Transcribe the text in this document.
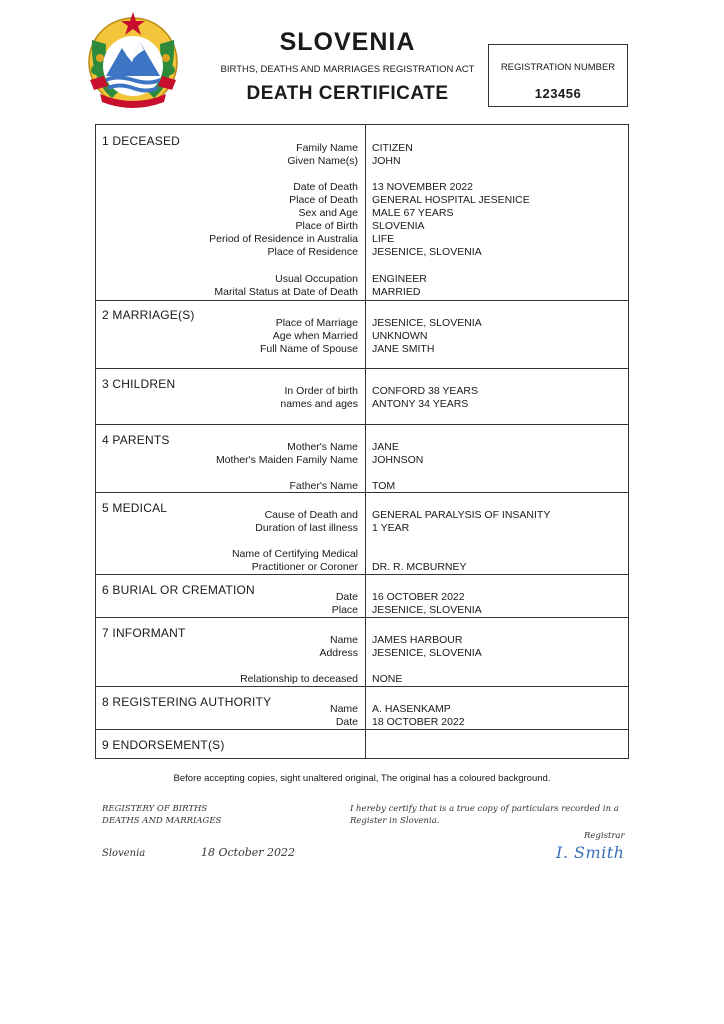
SLOVENIA
BIRTHS, DEATHS AND MARRIAGES REGISTRATION ACT
DEATH CERTIFICATE
REGISTRATION NUMBER
123456
1 DECEASED	Family Name CITIZEN
Given Name(s) JOHN
Date of Death 13 NOVEMBER 2022
Place of Death GENERAL HOSPITAL JESENICE
Sex and Age MALE 67 YEARS
Place of Birth SLOVENIA
Period of Residence in Australia LIFE
Place of Residence JESENICE, SLOVENIA
Usual Occupation ENGINEER
Marital Status at Date of Death MARRIED
2 MARRIAGE(S)
Place of Marriage JESENICE, SLOVENIA
Age when Married UNKNOWN
Full Name of Spouse JANE SMITH
3 CHILDREN	In Order of birth CONFORD 38 YEARS
names and ages ANTONY 34 YEARS
4 PARENTS	Mother's Name JANE
Mother's Maiden Family Name JOHNSON
Father's Name TOM
5 MEDICAL	Cause of Death and GENERAL PARALYSIS OF INSANITY
Duration of last illness 1 YEAR
Name of Certifying Medical
Practitioner or Coroner DR. R. MCBURNEY
6 BURIAL OR CREMATION	Date 16 OCTOBER 2022
Place JESENICE, SLOVENIA
7 INFORMANT	Name JAMES HARBOUR
Address JESENICE, SLOVENIA
Relationship to deceased NONE
8 REGISTERING AUTHORITY	Name A. HASENKAMP
Date 18 OCTOBER 2022
9 ENDORSEMENT(S)
Before accepting copies, sight unaltered original, The original has a coloured background.
REGISTERY OF BIRTHS
DEATHS AND MARRIAGES
I hereby certify that is a true copy of particulars recorded in a Register in Slovenia.
Registrar
Slovenia	18 October 2022	I. Smith
